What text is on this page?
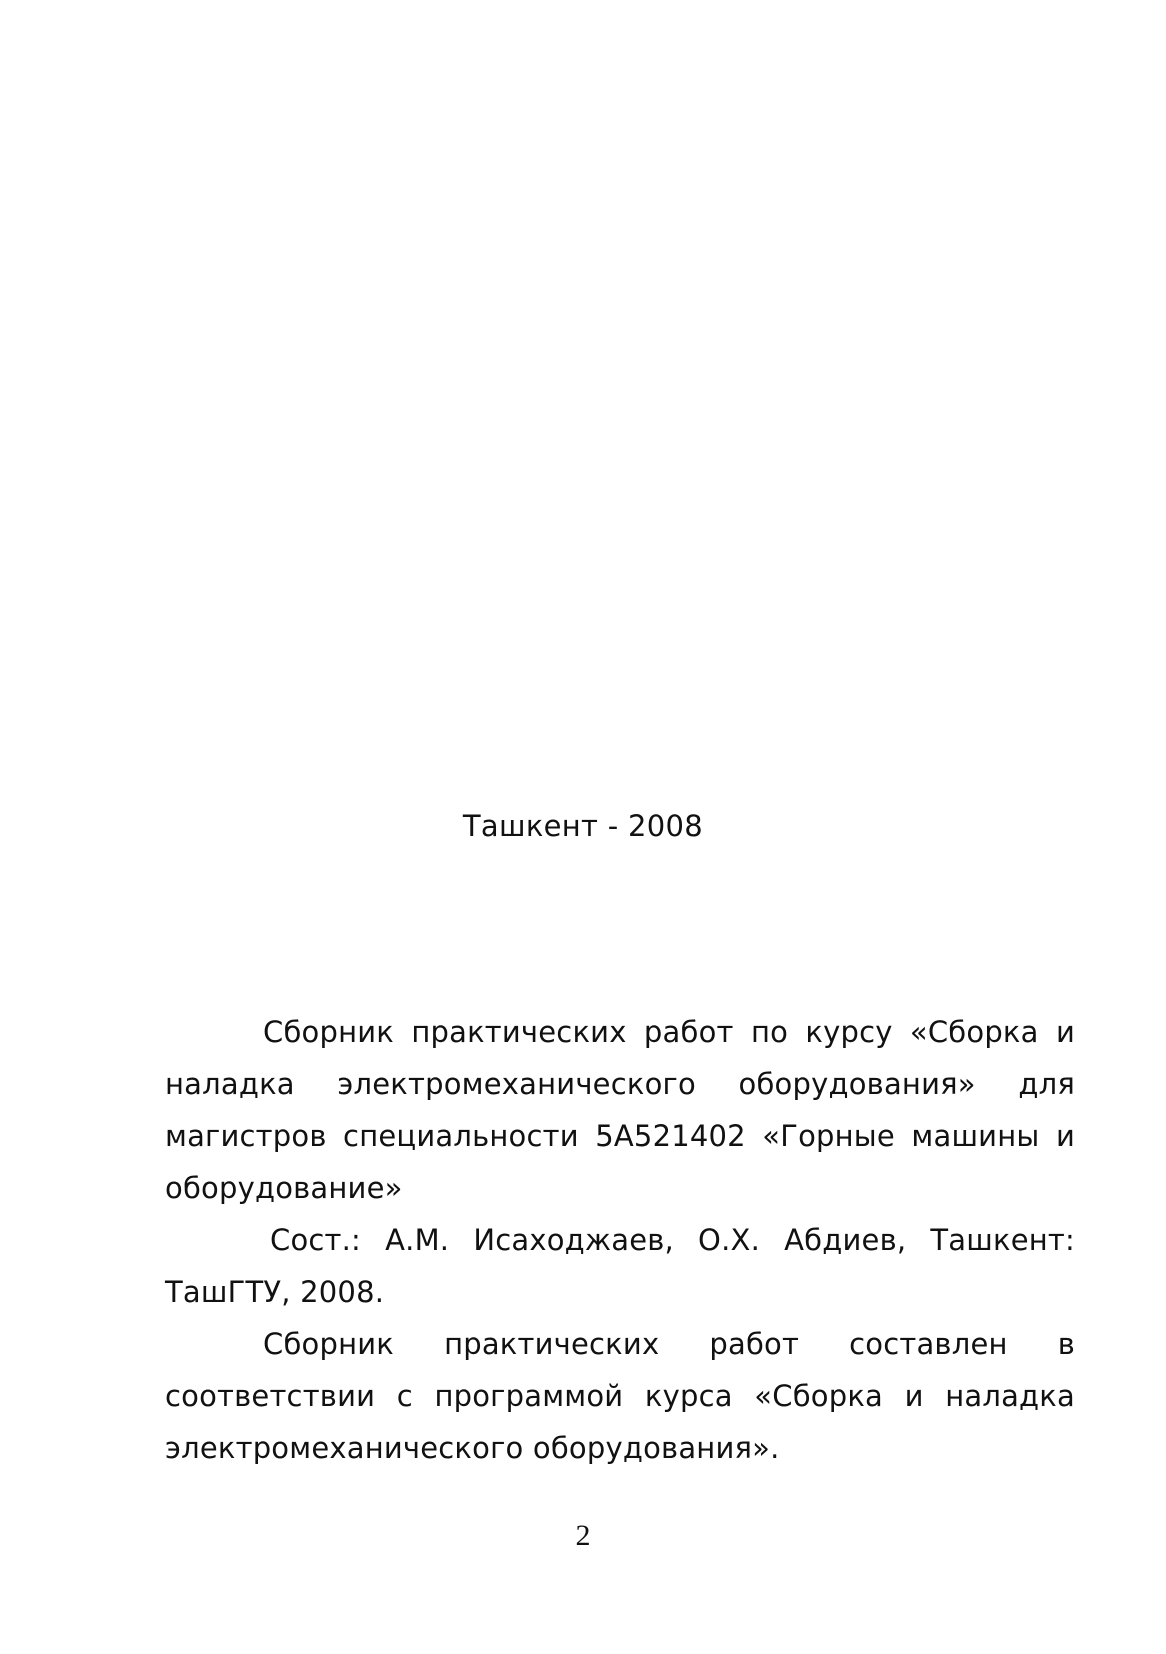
Ташкент - 2008

Сборник практических работ по курсу «Сборка и наладка электромеханического оборудования» для магистров специальности 5А521402 «Горные машины и оборудование»

Сост.: А.М. Исаходжаев, О.Х. Абдиев, Ташкент: ТашГТУ, 2008.

Сборник практических работ составлен в соответствии с программой курса «Сборка и наладка электромеханического оборудования».

2
